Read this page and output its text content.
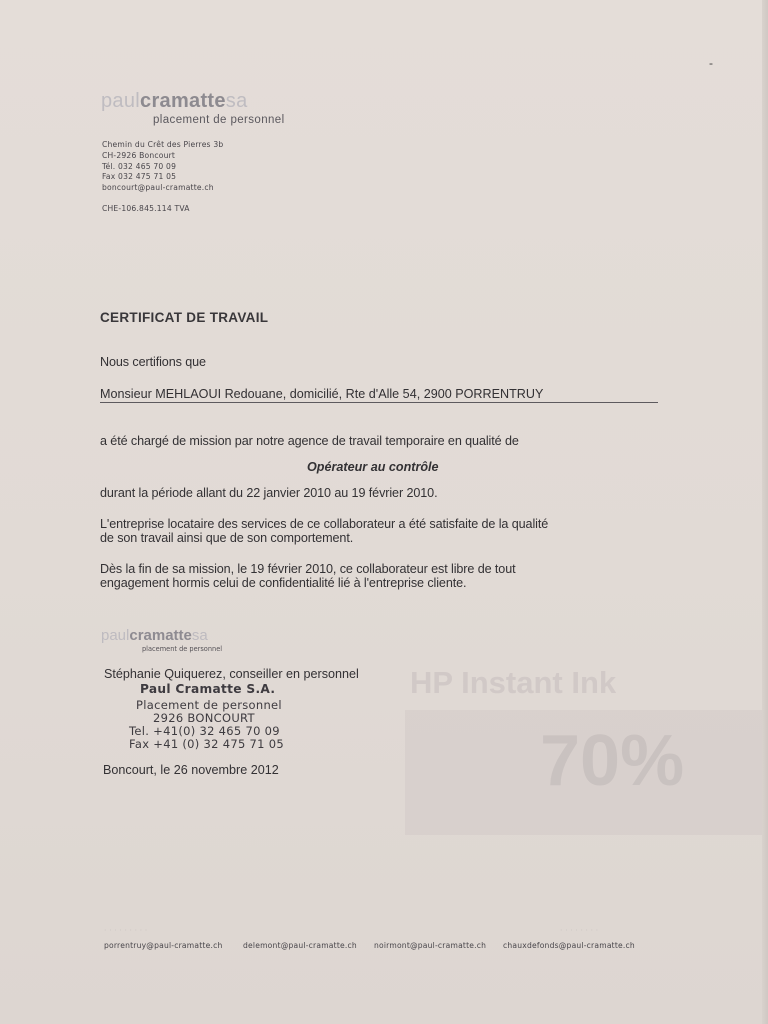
-
HP Instant Ink
70%
paulcramattesa
placement de personnel
Chemin du Crêt des Pierres 3b
CH-2926 Boncourt
Tél. 032 465 70 09
Fax 032 475 71 05
boncourt@paul-cramatte.ch
CHE-106.845.114 TVA
CERTIFICAT DE TRAVAIL
Nous certifions que
Monsieur MEHLAOUI Redouane, domicilié, Rte d'Alle 54, 2900 PORRENTRUY
a été chargé de mission par notre agence de travail temporaire en qualité de
Opérateur au contrôle
durant la période allant du 22 janvier 2010 au 19 février 2010.
L'entreprise locataire des services de ce collaborateur a été satisfaite de la qualité
de son travail ainsi que de son comportement.
Dès la fin de sa mission, le 19 février 2010, ce collaborateur est libre de tout
engagement hormis celui de confidentialité lié à l'entreprise cliente.
paulcramattesa
placement de personnel
Stéphanie Quiquerez, conseiller en personnel
Paul Cramatte S.A.
Placement de personnel
2926 BONCOURT
Tel. +41(0) 32 465 70 09
Fax +41 (0) 32 475 71 05
Boncourt, le 26 novembre 2012
· · · · · · · · ·	· · · · · · · ·
porrentruy@paul-cramatte.ch	delemont@paul-cramatte.ch noirmont@paul-cramatte.ch chauxdefonds@paul-cramatte.ch
